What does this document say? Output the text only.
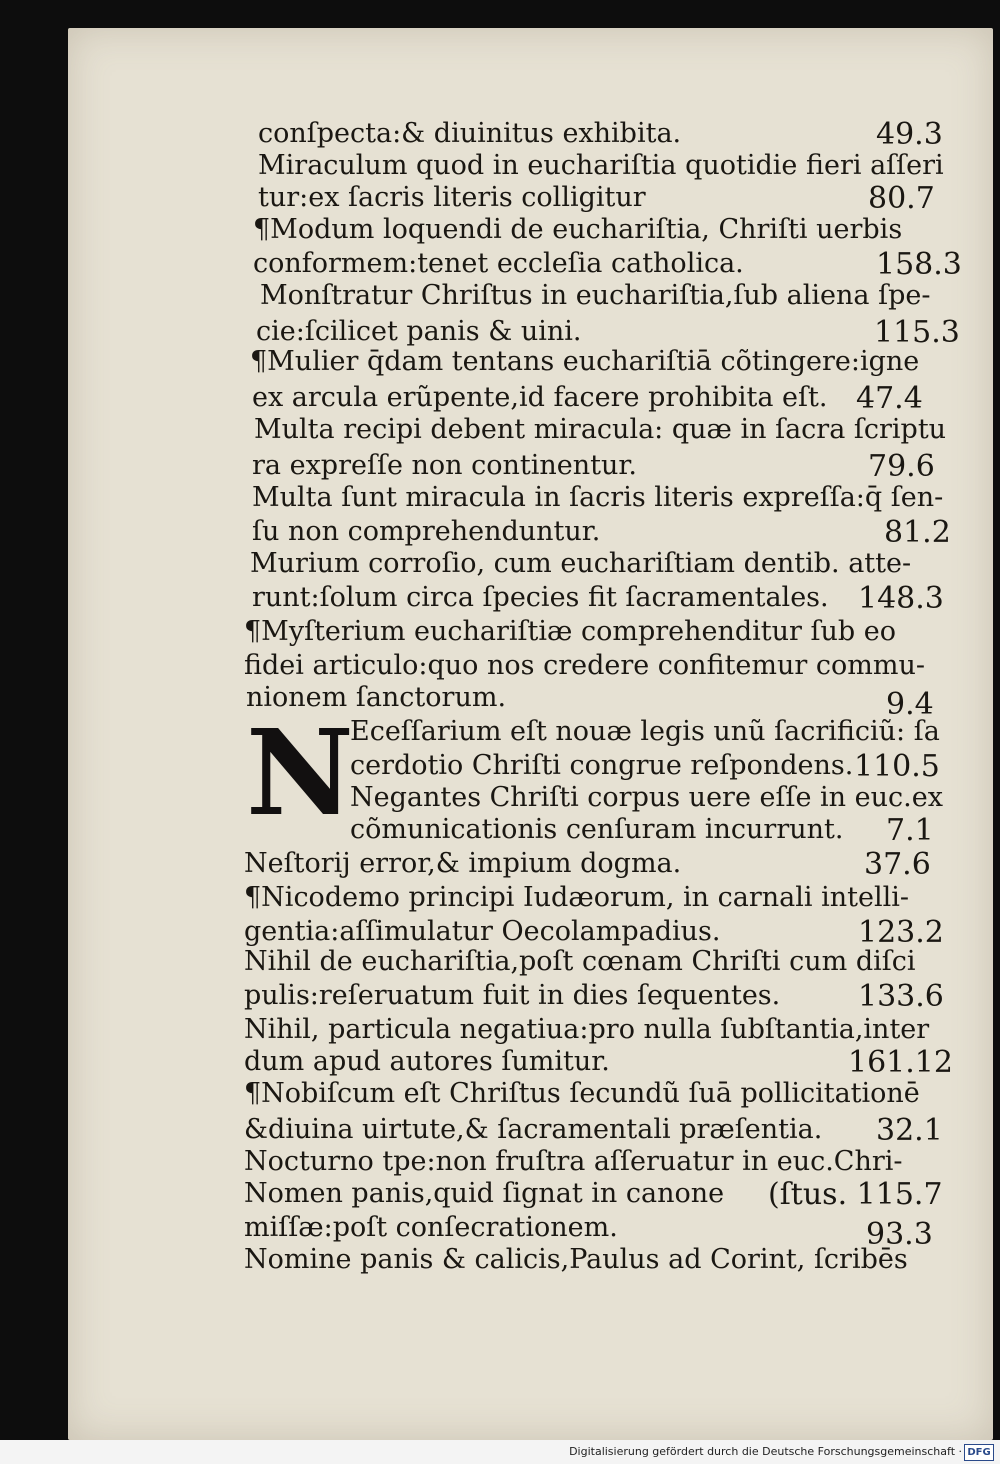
N
conſpecta:& diuinitus exhibita.	49.3
Miraculum quod in euchariſtia quotidie fieri aſſeri
tur:ex ſacris literis colligitur	80.7
¶Modum loquendi de euchariſtia, Chriſti uerbis
conformem:tenet eccleſia catholica.	158.3
Monſtratur Chriſtus in euchariſtia,ſub aliena ſpe-
cie:ſcilicet panis & uini.	115.3
¶Mulier q̄dam tentans euchariſtiā cõtingere:igne
ex arcula erũpente,id facere prohibita eſt. 47.4
Multa recipi debent miracula: quæ in ſacra ſcriptu
ra expreſſe non continentur.	79.6
Multa ſunt miracula in ſacris literis expreſſa:q̄ ſen-
ſu non comprehenduntur.	81.2
Murium corroſio, cum euchariſtiam dentib. atte-
runt:ſolum circa ſpecies fit ſacramentales. 148.3
¶Myſterium euchariſtiæ comprehenditur ſub eo
fidei articulo:quo nos credere confitemur commu-
nionem ſanctorum.	9.4
Eceſſarium eſt nouæ legis unũ ſacrificiũ: ſa
cerdotio Chriſti congrue reſpondens. 110.5
Negantes Chriſti corpus uere eſſe in euc.ex
cõmunicationis cenſuram incurrunt. 7.1
Neſtorij error,& impium dogma.	37.6
¶Nicodemo principi Iudæorum, in carnali intelli-
gentia:aſſimulatur Oecolampadius.	123.2
Nihil de euchariſtia,poſt cœnam Chriſti cum diſci
pulis:reſeruatum fuit in dies ſequentes.	133.6
Nihil, particula negatiua:pro nulla ſubſtantia,inter
dum apud autores ſumitur.	161.12
¶Nobiſcum eſt Chriſtus ſecundũ ſuā pollicitationē
&diuina uirtute,& ſacramentali præſentia. 32.1
Nocturno tpe:non fruſtra aſſeruatur in euc.Chri-
Nomen panis,quid ſignat in canone (ſtus. 115.7
miſſæ:poſt conſecrationem.	93.3
Nomine panis & calicis,Paulus ad Corint, ſcribēs
Digitalisierung gefördert durch die Deutsche Forschungsgemeinschaft · DFG
